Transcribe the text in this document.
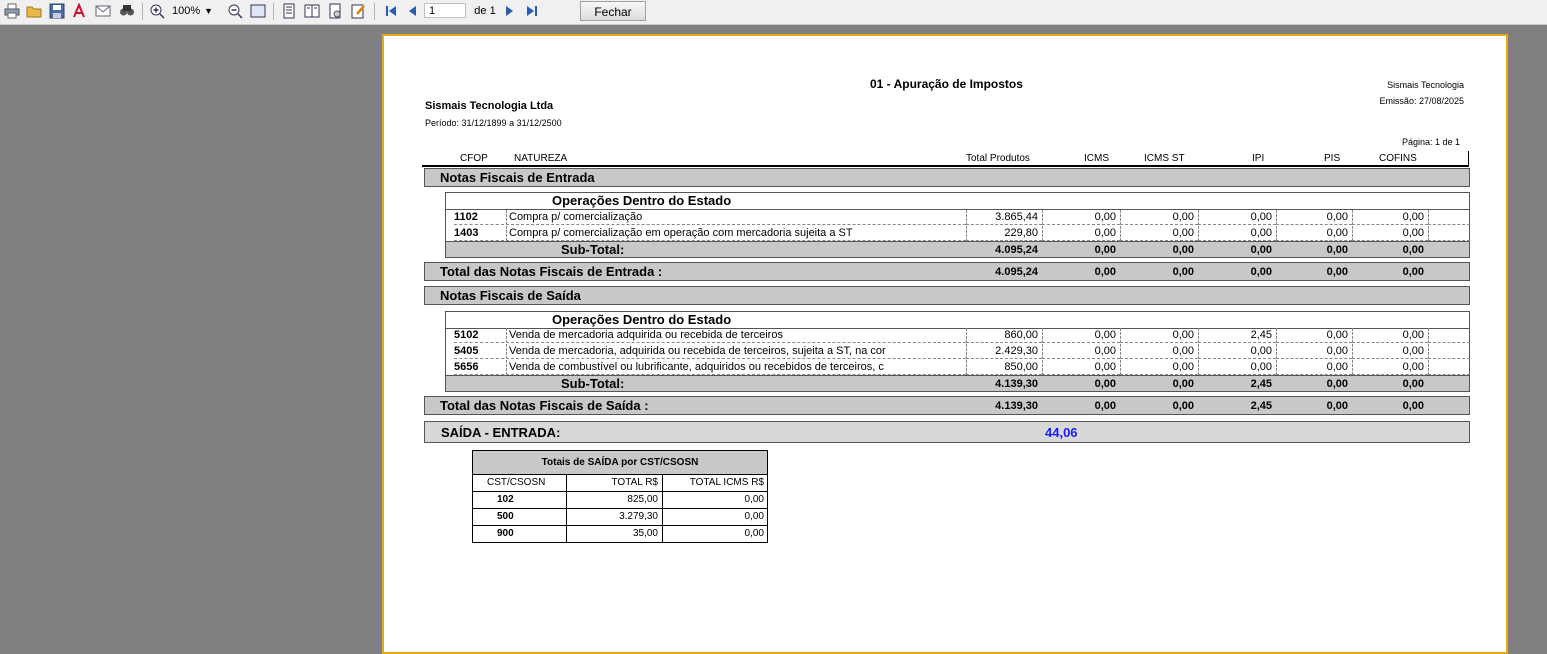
100% ▼	1	de 1	Fechar
01 - Apuração de Impostos	Sismais Tecnologia
Emissão: 27/08/2025
Sismais Tecnologia Ltda
Período: 31/12/1899 a 31/12/2500
Página: 1 de 1
CFOP	NATUREZA	Total Produtos	ICMS	ICMS ST	IPI	PIS	COFINS
Notas Fiscais de Entrada
Operações Dentro do Estado
1102	Compra p/ comercialização	3.865,44	0,00	0,00	0,00	0,00	0,00
1403	Compra p/ comercialização em operação com mercadoria sujeita a ST	229,80	0,00	0,00	0,00	0,00	0,00
Sub-Total:	4.095,24	0,00	0,00	0,00	0,00	0,00
Total das Notas Fiscais de Entrada :	4.095,24	0,00	0,00	0,00	0,00	0,00
Notas Fiscais de Saída
Operações Dentro do Estado
5102	Venda de mercadoria adquirida ou recebida de terceiros	860,00	0,00	0,00	2,45	0,00	0,00
5405	Venda de mercadoria, adquirida ou recebida de terceiros, sujeita a ST, na cor	2.429,30	0,00	0,00	0,00	0,00	0,00
5656	Venda de combustível ou lubrificante, adquiridos ou recebidos de terceiros, c	850,00	0,00	0,00	0,00	0,00	0,00
Sub-Total:	4.139,30	0,00	0,00	2,45	0,00	0,00
Total das Notas Fiscais de Saída :	4.139,30	0,00	0,00	2,45	0,00	0,00
SAÍDA - ENTRADA:	44,06
Totais de SAÍDA por CST/CSOSN
CST/CSOSN	TOTAL R$	TOTAL ICMS R$
102	825,00	0,00
500	3.279,30	0,00
900	35,00	0,00
